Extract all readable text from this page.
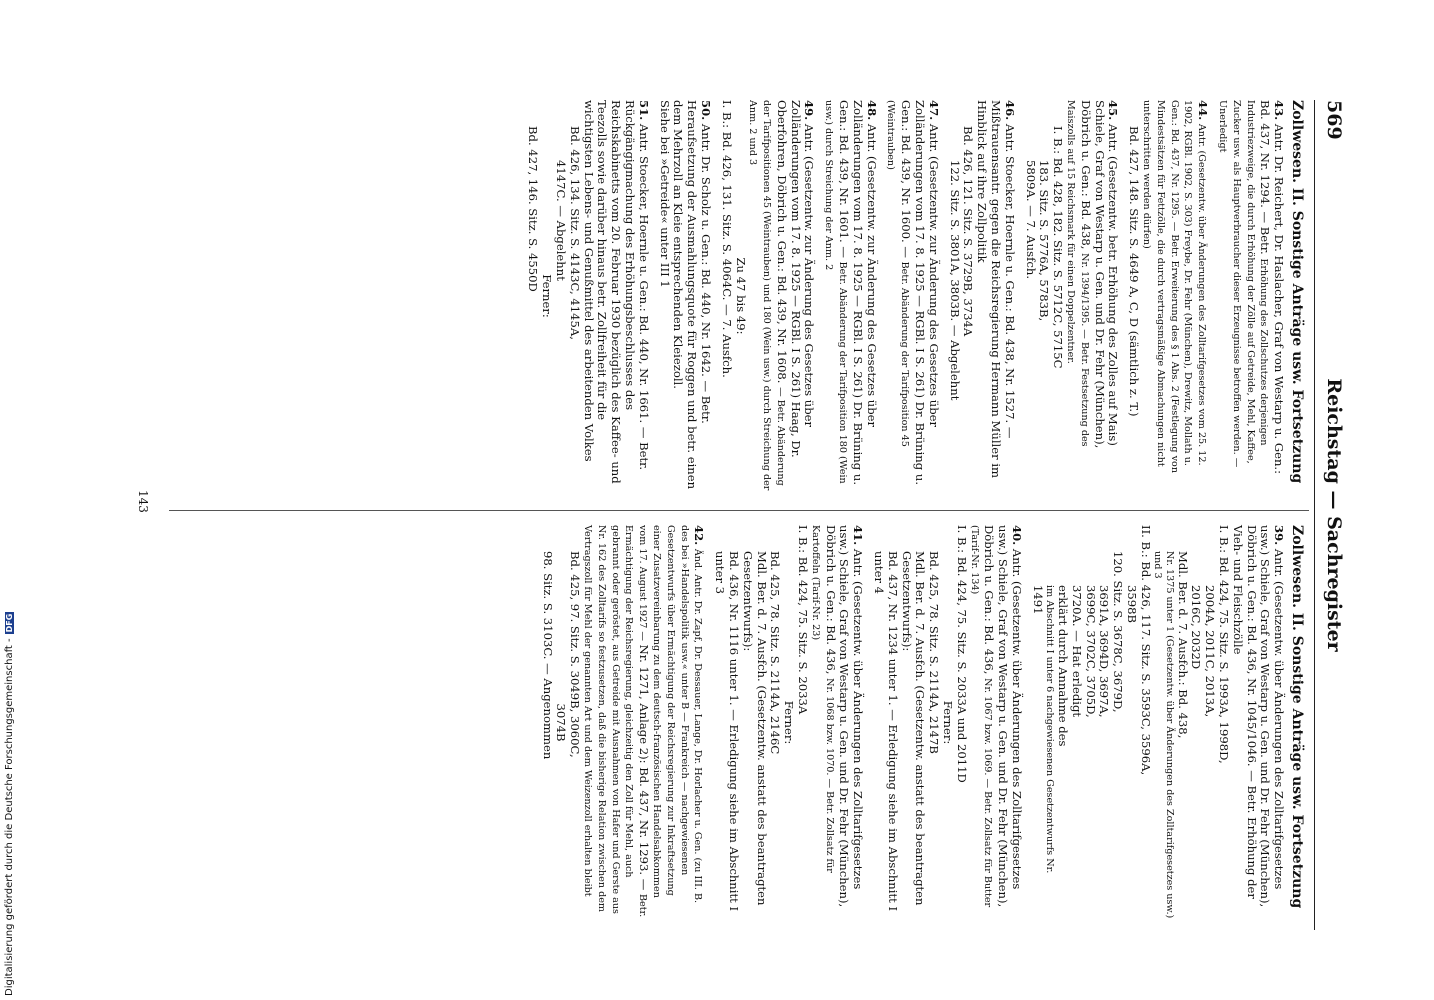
569
Reichstag — Sachregister
Zollwesen. II. Sonstige Anträge usw. Fortsetzung
43. Antr. Dr. Reichert, Dr. Haslacher, Graf von Westarp u. Gen.: Bd. 437, Nr. 1294. — Betr. Erhöhung des Zollschutzes derjenigen Industriezweige, die durch Erhöhung der Zölle auf Getreide, Mehl, Kaffee, Zucker usw. als Hauptverbraucher dieser Erzeugnisse betroffen werden. — Unerledigt
44. Antr. (Gesetzentw. über Änderungen des Zolltarifgesetzes vom 25. 12. 1902, RGBl. 1902, S. 303) Freybe, Dr. Fehr (München), Drewitz, Mollath u. Gen.: Bd. 437, Nr. 1295. — Betr. Erweiterung des § 1 Abs. 2 (Festlegung von Mindestsätzen für Fettzölle, die durch vertragsmäßige Abmachungen nicht unterschritten werden dürfen)
Bd. 427, 148. Sitz. S. 4649 A, C, D (sämtlich z. T.)
45. Antr. (Gesetzentw. betr. Erhöhung des Zolles auf Mais) Schiele, Graf von Westarp u. Gen. und Dr. Fehr (München), Döbrich u. Gen.: Bd. 438, Nr. 1394/1395. — Betr. Festsetzung des Maiszolls auf 15 Reichsmark für einen Doppelzentner.
I. B.: Bd. 428, 182. Sitz. S. 5712C, 5715C
183. Sitz. S. 5776A, 5783B,
5809A. — 7. Ausfch.
46. Antr. Stoecker, Hoernle u. Gen.: Bd. 438, Nr. 1527. — Mißtrauensantr. gegen die Reichsregierung Hermann Müller im Hinblick auf ihre Zollpolitik
Bd. 426, 121. Sitz. S. 3729B, 3734A
122. Sitz. S. 3801A, 3803B. — Abgelehnt
47. Antr. (Gesetzentw. zur Änderung des Gesetzes über Zolländerungen vom 17. 8. 1925 — RGBl. I S. 261) Dr. Brüning u. Gen.: Bd. 439, Nr. 1600. — Betr. Abänderung der Tarifposition 45 (Weintrauben)
48. Antr. (Gesetzentw. zur Änderung des Gesetzes über Zolländerungen vom 17. 8. 1925 — RGBl. I S. 261) Dr. Brüning u. Gen.: Bd. 439, Nr. 1601. — Betr. Abänderung der Tarifposition 180 (Wein usw.) durch Streichung der Anm. 2
49. Antr. (Gesetzentw. zur Änderung des Gesetzes über Zolländerungen vom 17. 8. 1925 — RGBl. I S. 261) Haag, Dr. Oberfohren, Döbrich u. Gen.: Bd. 439, Nr. 1608. — Betr. Abänderung der Tarifpositionen 45 (Weintrauben) und 180 (Wein usw.) durch Streichung der Anm. 2 und 3
Zu 47 bis 49:
I. B.: Bd. 426, 131. Sitz. S. 4064C. — 7. Ausfch.
50. Antr. Dr. Scholz u. Gen.: Bd. 440, Nr. 1642. — Betr. Heraufsetzung der Ausmahlungsquote für Roggen und betr. einen dem Mehrzoll an Kleie entsprechenden Kleiezoll.
Siehe bei »Getreide« unter III 1
51. Antr. Stoecker, Hoernle u. Gen.: Bd. 440, Nr. 1661. — Betr. Rückgängigmachung des Erhöhungsbeschlusses des Reichskabinetts vom 20. Februar 1930 bezüglich des Kaffee- und Teezolls sowie darüber hinaus betr. Zollfreiheit für die wichtigsten Lebens- und Genußmittel des arbeitenden Volkes
Bd. 426, 134. Sitz. S. 4143C, 4145A,
4147C. — Abgelehnt
Ferner:
Bd. 427, 146. Sitz. S. 4550D
Zollwesen. II. Sonstige Anträge usw. Fortsetzung
39. Antr. (Gesetzentw. über Änderungen des Zolltarifgesetzes usw.) Schiele, Graf von Westarp u. Gen. und Dr. Fehr (München), Döbrich u. Gen.: Bd. 436, Nr. 1045/1046. — Betr. Erhöhung der Vieh- und Fleischzölle
I. B.: Bd. 424, 75. Sitz. S. 1993A, 1998D,
2004A, 2011C, 2013A,
2016C, 2032D
Mdl. Ber. d. 7. Ausfch.: Bd. 438,
Nr. 1375 unter 1 (Gesetzentw. über Änderungen des Zolltarifgesetzes usw.) und 3
II. B.: Bd. 426, 117. Sitz. S. 3593C, 3596A,
3598B
120. Sitz. S. 3678C, 3679D,
3691A, 3694D, 3697A,
3699C, 3702C, 3705D,
3720A. — Hat erledigt
erklärt durch Annahme des
im Abschnitt I unter 6 nachgewiesenen Gesetzentwurfs Nr.
1491
40. Antr. (Gesetzentw. über Änderungen des Zolltarifgesetzes usw.) Schiele, Graf von Westarp u. Gen. und Dr. Fehr (München), Döbrich u. Gen.: Bd. 436, Nr. 1067 bzw. 1069. — Betr. Zollsatz für Butter (Tarif-Nr. 134)
I. B.: Bd. 424, 75. Sitz. S. 2033A und 2011D
Ferner:
Bd. 425, 78. Sitz. S. 2114A, 2147B
Mdl. Ber. d. 7. Ausfch. (Gesetzentw. anstatt des beantragten Gesetzentwurfs):
Bd. 437, Nr. 1234 unter 1. — Erledigung siehe im Abschnitt I unter 4
41. Antr. (Gesetzentw. über Änderungen des Zolltarifgesetzes usw.) Schiele, Graf von Westarp u. Gen. und Dr. Fehr (München), Döbrich u. Gen.: Bd. 436, Nr. 1068 bzw. 1070. — Betr. Zollsatz für Kartoffeln (Tarif-Nr. 23)
I. B.: Bd. 424, 75. Sitz. S. 2033A
Ferner:
Bd. 425, 78. Sitz. S. 2114A, 2146C
Mdl. Ber. d. 7. Ausfch. (Gesetzentw. anstatt des beantragten Gesetzentwurfs):
Bd. 436, Nr. 1116 unter 1. — Erledigung siehe im Abschnitt I unter 3
42. Änd. Antr. Dr. Zapf, Dr. Dessauer, Lange, Dr. Horlacher u. Gen. (zu III. B. des bei »Handelspolitik usw.« unter B — Frankreich — nachgewiesenen Gesetzentwurfs über Ermächtigung der Reichsregierung zur Inkraftsetzung einer Zusatzvereinbarung zu dem deutsch-französischen Handelsabkommen vom 17. August 1927 — Nr. 1271, Anlage 2): Bd. 437, Nr. 1293. — Betr. Ermächtigung der Reichsregierung, gleichzeitig den Zoll für Mehl, auch gebrannt oder geröstet, aus Getreide mit Ausnahmen von Hafer und Gerste aus Nr. 162 des Zolltarifs so festzusetzen, daß die bisherige Relation zwischen dem Vertragszoll für Mehl der genannten Art und dem Weizenzoll erhalten bleibt
Bd. 425, 97. Sitz. S. 3049B, 3060C,
3074B
98. Sitz. S. 3103C. — Angenommen
143
Digitalisierung gefördert durch die Deutsche Forschungsgemeinschaft -DFG
